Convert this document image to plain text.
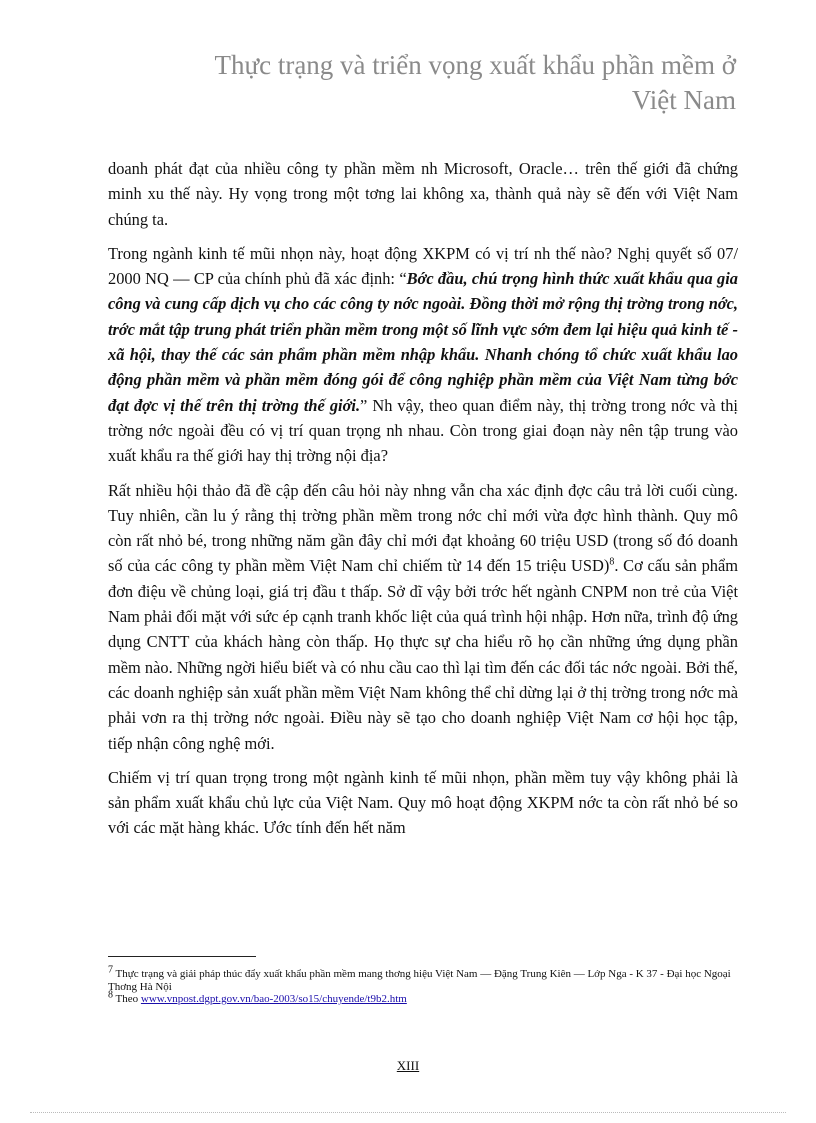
Thực trạng và triển vọng xuất khẩu phần mềm ở
Việt Nam

doanh phát đạt của nhiều công ty phần mềm nh Microsoft, Oracle… trên thế giới đã chứng minh xu thế này. Hy vọng trong một tơng lai không xa, thành quả này sẽ đến với Việt Nam chúng ta.

Trong ngành kinh tế mũi nhọn này, hoạt động XKPM có vị trí nh thế nào? Nghị quyết số 07/ 2000 NQ — CP của chính phủ đã xác định: “Bớc đầu, chú trọng hình thức xuất khẩu qua gia công và cung cấp dịch vụ cho các công ty nớc ngoài. Đồng thời mở rộng thị trờng trong nớc, trớc mắt tập trung phát triển phần mềm trong một số lĩnh vực sớm đem lại hiệu quả kinh tế - xã hội, thay thế các sản phẩm phần mềm nhập khẩu. Nhanh chóng tổ chức xuất khẩu lao động phần mềm và phần mềm đóng gói để công nghiệp phần mềm của Việt Nam từng bớc đạt đợc vị thế trên thị trờng thế giới.” Nh vậy, theo quan điểm này, thị trờng trong nớc và thị trờng nớc ngoài đều có vị trí quan trọng nh nhau. Còn trong giai đoạn này nên tập trung vào xuất khẩu ra thế giới hay thị trờng nội địa?

Rất nhiều hội thảo đã đề cập đến câu hỏi này nhng vẫn cha xác định đợc câu trả lời cuối cùng. Tuy nhiên, cần lu ý rằng thị trờng phần mềm trong nớc chỉ mới vừa đợc hình thành. Quy mô còn rất nhỏ bé, trong những năm gần đây chỉ mới đạt khoảng 60 triệu USD (trong số đó doanh số của các công ty phần mềm Việt Nam chỉ chiếm từ 14 đến 15 triệu USD)$^8$. Cơ cấu sản phẩm đơn điệu về chủng loại, giá trị đầu t thấp. Sở dĩ vậy bởi trớc hết ngành CNPM non trẻ của Việt Nam phải đối mặt với sức ép cạnh tranh khốc liệt của quá trình hội nhập. Hơn nữa, trình độ ứng dụng CNTT của khách hàng còn thấp. Họ thực sự cha hiểu rõ họ cần những ứng dụng phần mềm nào. Những ngời hiểu biết và có nhu cầu cao thì lại tìm đến các đối tác nớc ngoài. Bởi thế, các doanh nghiệp sản xuất phần mềm Việt Nam không thể chỉ dừng lại ở thị trờng trong nớc mà phải vơn ra thị trờng nớc ngoài. Điều này sẽ tạo cho doanh nghiệp Việt Nam cơ hội học tập, tiếp nhận công nghệ mới.

Chiếm vị trí quan trọng trong một ngành kinh tế mũi nhọn, phần mềm tuy vậy không phải là sản phẩm xuất khẩu chủ lực của Việt Nam. Quy mô hoạt động XKPM nớc ta còn rất nhỏ bé so với các mặt hàng khác. Ước tính đến hết năm

$^7$ Thực trạng và giải pháp thúc đẩy xuất khẩu phần mềm mang thơng hiệu Việt Nam — Đặng Trung Kiên — Lớp Nga - K 37 - Đại học Ngoại Thơng Hà Nội

$^8$ Theo www.vnpost.dgpt.gov.vn/bao-2003/so15/chuyende/t9b2.htm

XIII
